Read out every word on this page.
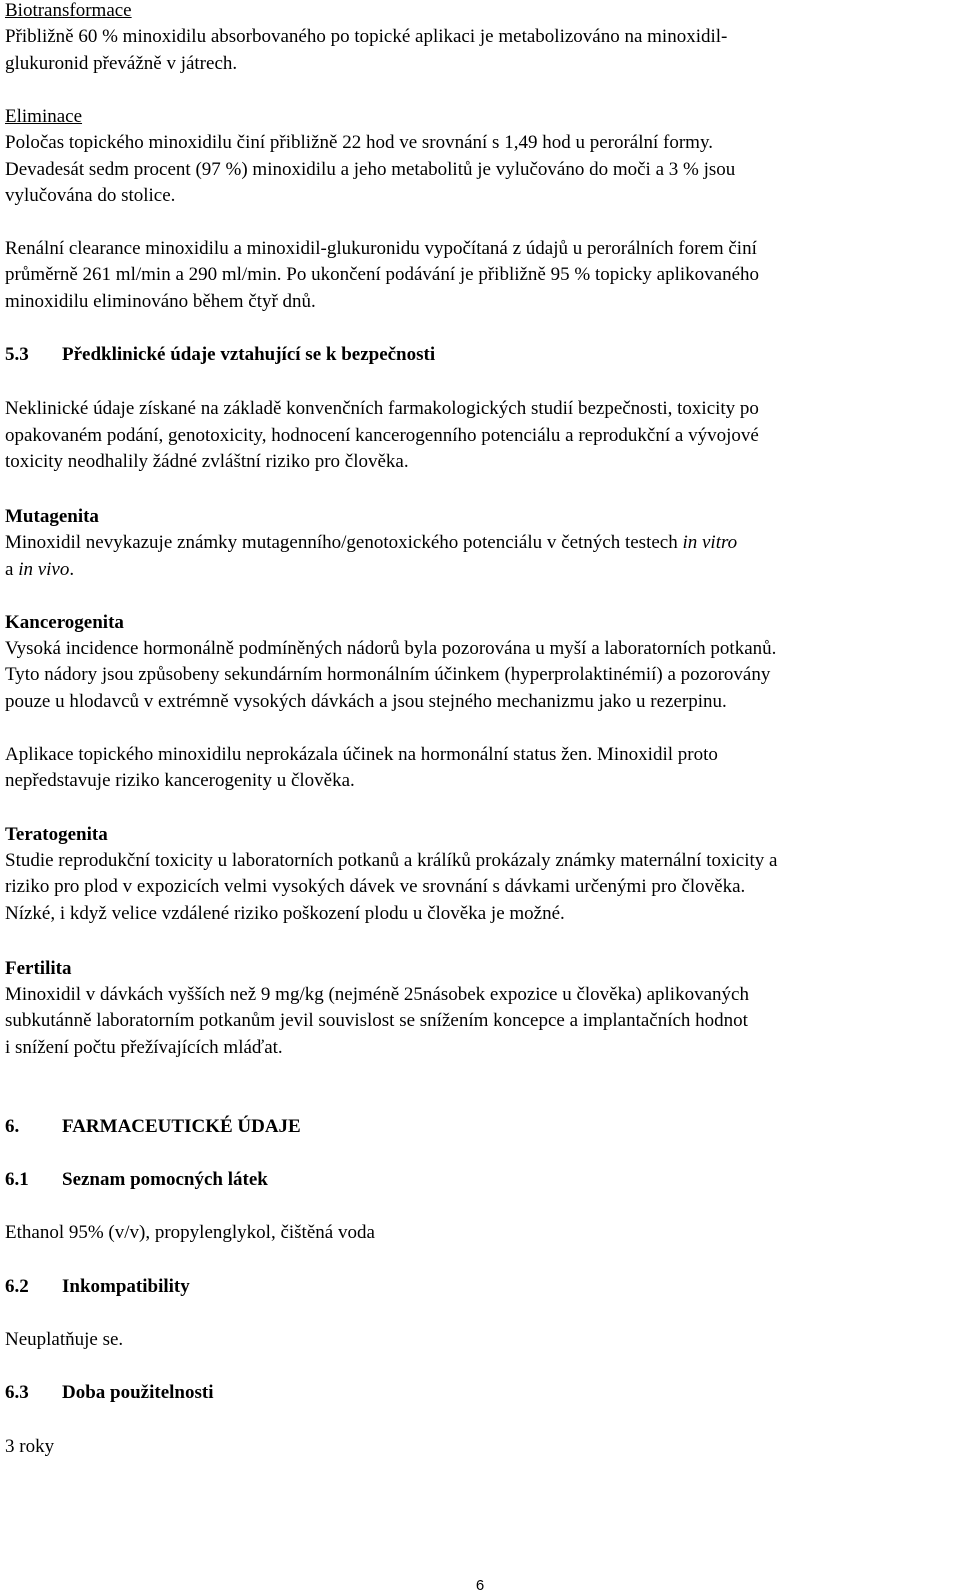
Biotransformace
Přibližně 60 % minoxidilu absorbovaného po topické aplikaci je metabolizováno na minoxidil-
glukuronid převážně v játrech.
Eliminace
Poločas topického minoxidilu činí přibližně 22 hod ve srovnání s 1,49 hod u perorální formy.
Devadesát sedm procent (97 %) minoxidilu a jeho metabolitů je vylučováno do moči a 3 % jsou
vylučována do stolice.
Renální clearance minoxidilu a minoxidil-glukuronidu vypočítaná z údajů u perorálních forem činí
průměrně 261 ml/min a 290 ml/min. Po ukončení podávání je přibližně 95 % topicky aplikovaného
minoxidilu eliminováno během čtyř dnů.
5.3 Předklinické údaje vztahující se k bezpečnosti
Neklinické údaje získané na základě konvenčních farmakologických studií bezpečnosti, toxicity po
opakovaném podání, genotoxicity, hodnocení kancerogenního potenciálu a reprodukční a vývojové
toxicity neodhalily žádné zvláštní riziko pro člověka.
Mutagenita
Minoxidil nevykazuje známky mutagenního/genotoxického potenciálu v četných testech in vitro
a in vivo.
Kancerogenita
Vysoká incidence hormonálně podmíněných nádorů byla pozorována u myší a laboratorních potkanů.
Tyto nádory jsou způsobeny sekundárním hormonálním účinkem (hyperprolaktinémií) a pozorovány
pouze u hlodavců v extrémně vysokých dávkách a jsou stejného mechanizmu jako u rezerpinu.
Aplikace topického minoxidilu neprokázala účinek na hormonální status žen. Minoxidil proto
nepředstavuje riziko kancerogenity u člověka.
Teratogenita
Studie reprodukční toxicity u laboratorních potkanů a králíků prokázaly známky maternální toxicity a
riziko pro plod v expozicích velmi vysokých dávek ve srovnání s dávkami určenými pro člověka.
Nízké, i když velice vzdálené riziko poškození plodu u člověka je možné.
Fertilita
Minoxidil v dávkách vyšších než 9 mg/kg (nejméně 25násobek expozice u člověka) aplikovaných
subkutánně laboratorním potkanům jevil souvislost se snížením koncepce a implantačních hodnot
i snížení počtu přežívajících mláďat.
6. FARMACEUTICKÉ ÚDAJE
6.1 Seznam pomocných látek
Ethanol 95% (v/v), propylenglykol, čištěná voda
6.2 Inkompatibility
Neuplatňuje se.
6.3 Doba použitelnosti
3 roky
6
